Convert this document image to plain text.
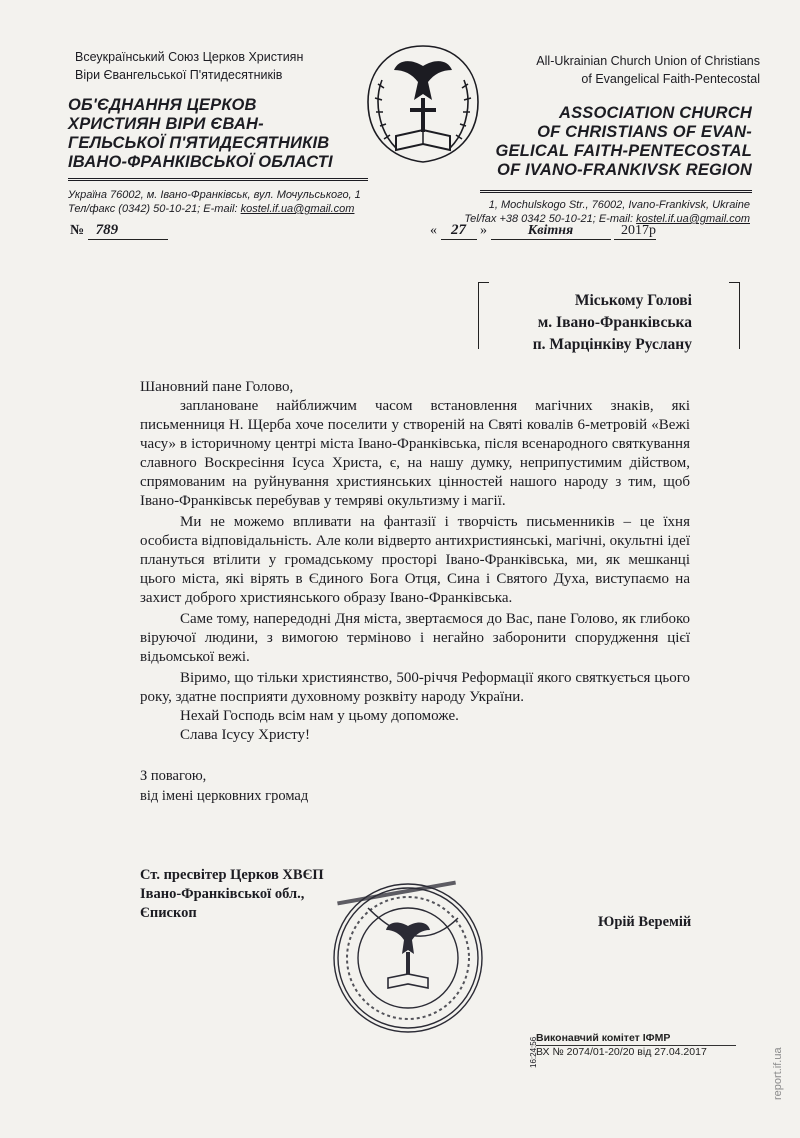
Всеукраїнський Союз Церков Християн
Віри Євангельської П'ятидесятників
All-Ukrainian Church Union of Christians
of Evangelical Faith-Pentecostal
ОБ'ЄДНАННЯ ЦЕРКОВ
ХРИСТИЯН ВІРИ ЄВАН-
ГЕЛЬСЬКОЇ П'ЯТИДЕСЯТНИКІВ
ІВАНО-ФРАНКІВСЬКОЇ ОБЛАСТІ
ASSOCIATION CHURCH
OF CHRISTIANS OF EVAN-
GELICAL FAITH-PENTECOSTAL
OF IVANO-FRANKIVSK REGION
Україна 76002, м. Івано-Франківськ, вул. Мочульського, 1
Тел/факс (0342) 50-10-21; E-mail: kostel.if.ua@gmail.com	1, Mochulskogo Str., 76002, Ivano-Frankivsk, Ukraine
Tel/fax +38 0342 50-10-21; E-mail: kostel.if.ua@gmail.com
№ 789	« 27 »	Квітня	2017р
Міському Голові
м. Івано-Франківська
п. Марцінківу Руслану

Шановний пане Голово,

заплановане найближчим часом встановлення магічних знаків, які письменниця Н. Щерба хоче поселити у створеній на Святі ковалів 6-метровій «Вежі часу» в історичному центрі міста Івано-Франківська, після всенародного святкування славного Воскресіння Ісуса Христа, є, на нашу думку, неприпустимим дійством, спрямованим на руйнування християнських цінностей нашого народу з тим, щоб Івано-Франківськ перебував у темряві окультизму і магії.

Ми не можемо впливати на фантазії і творчість письменників – це їхня особиста відповідальність. Але коли відверто антихристиянські, магічні, окультні ідеї плануться втілити у громадському просторі Івано-Франківська, ми, як мешканці цього міста, які вірять в Єдиного Бога Отця, Сина і Святого Духа, виступаємо на захист доброго християнського образу Івано-Франківська.

Саме тому, напередодні Дня міста, звертаємося до Вас, пане Голово, як глибоко віруючої людини, з вимогою терміново і негайно заборонити спорудження цієї відьомської вежі.

Віримо, що тільки християнство, 500-річчя Реформації якого святкується цього року, здатне посприяти духовному розквіту народу України.

Нехай Господь всім нам у цьому допоможе.

Слава Ісусу Христу!

З повагою,
від імені церковних громад
Ст. пресвітер Церков ХВЄП
Івано-Франківської обл.,
Єпископ
Юрій Веремій
Виконавчий комітет ІФМР
ВХ № 2074/01-20/20 від 27.04.2017
16:24:56	report.if.ua
